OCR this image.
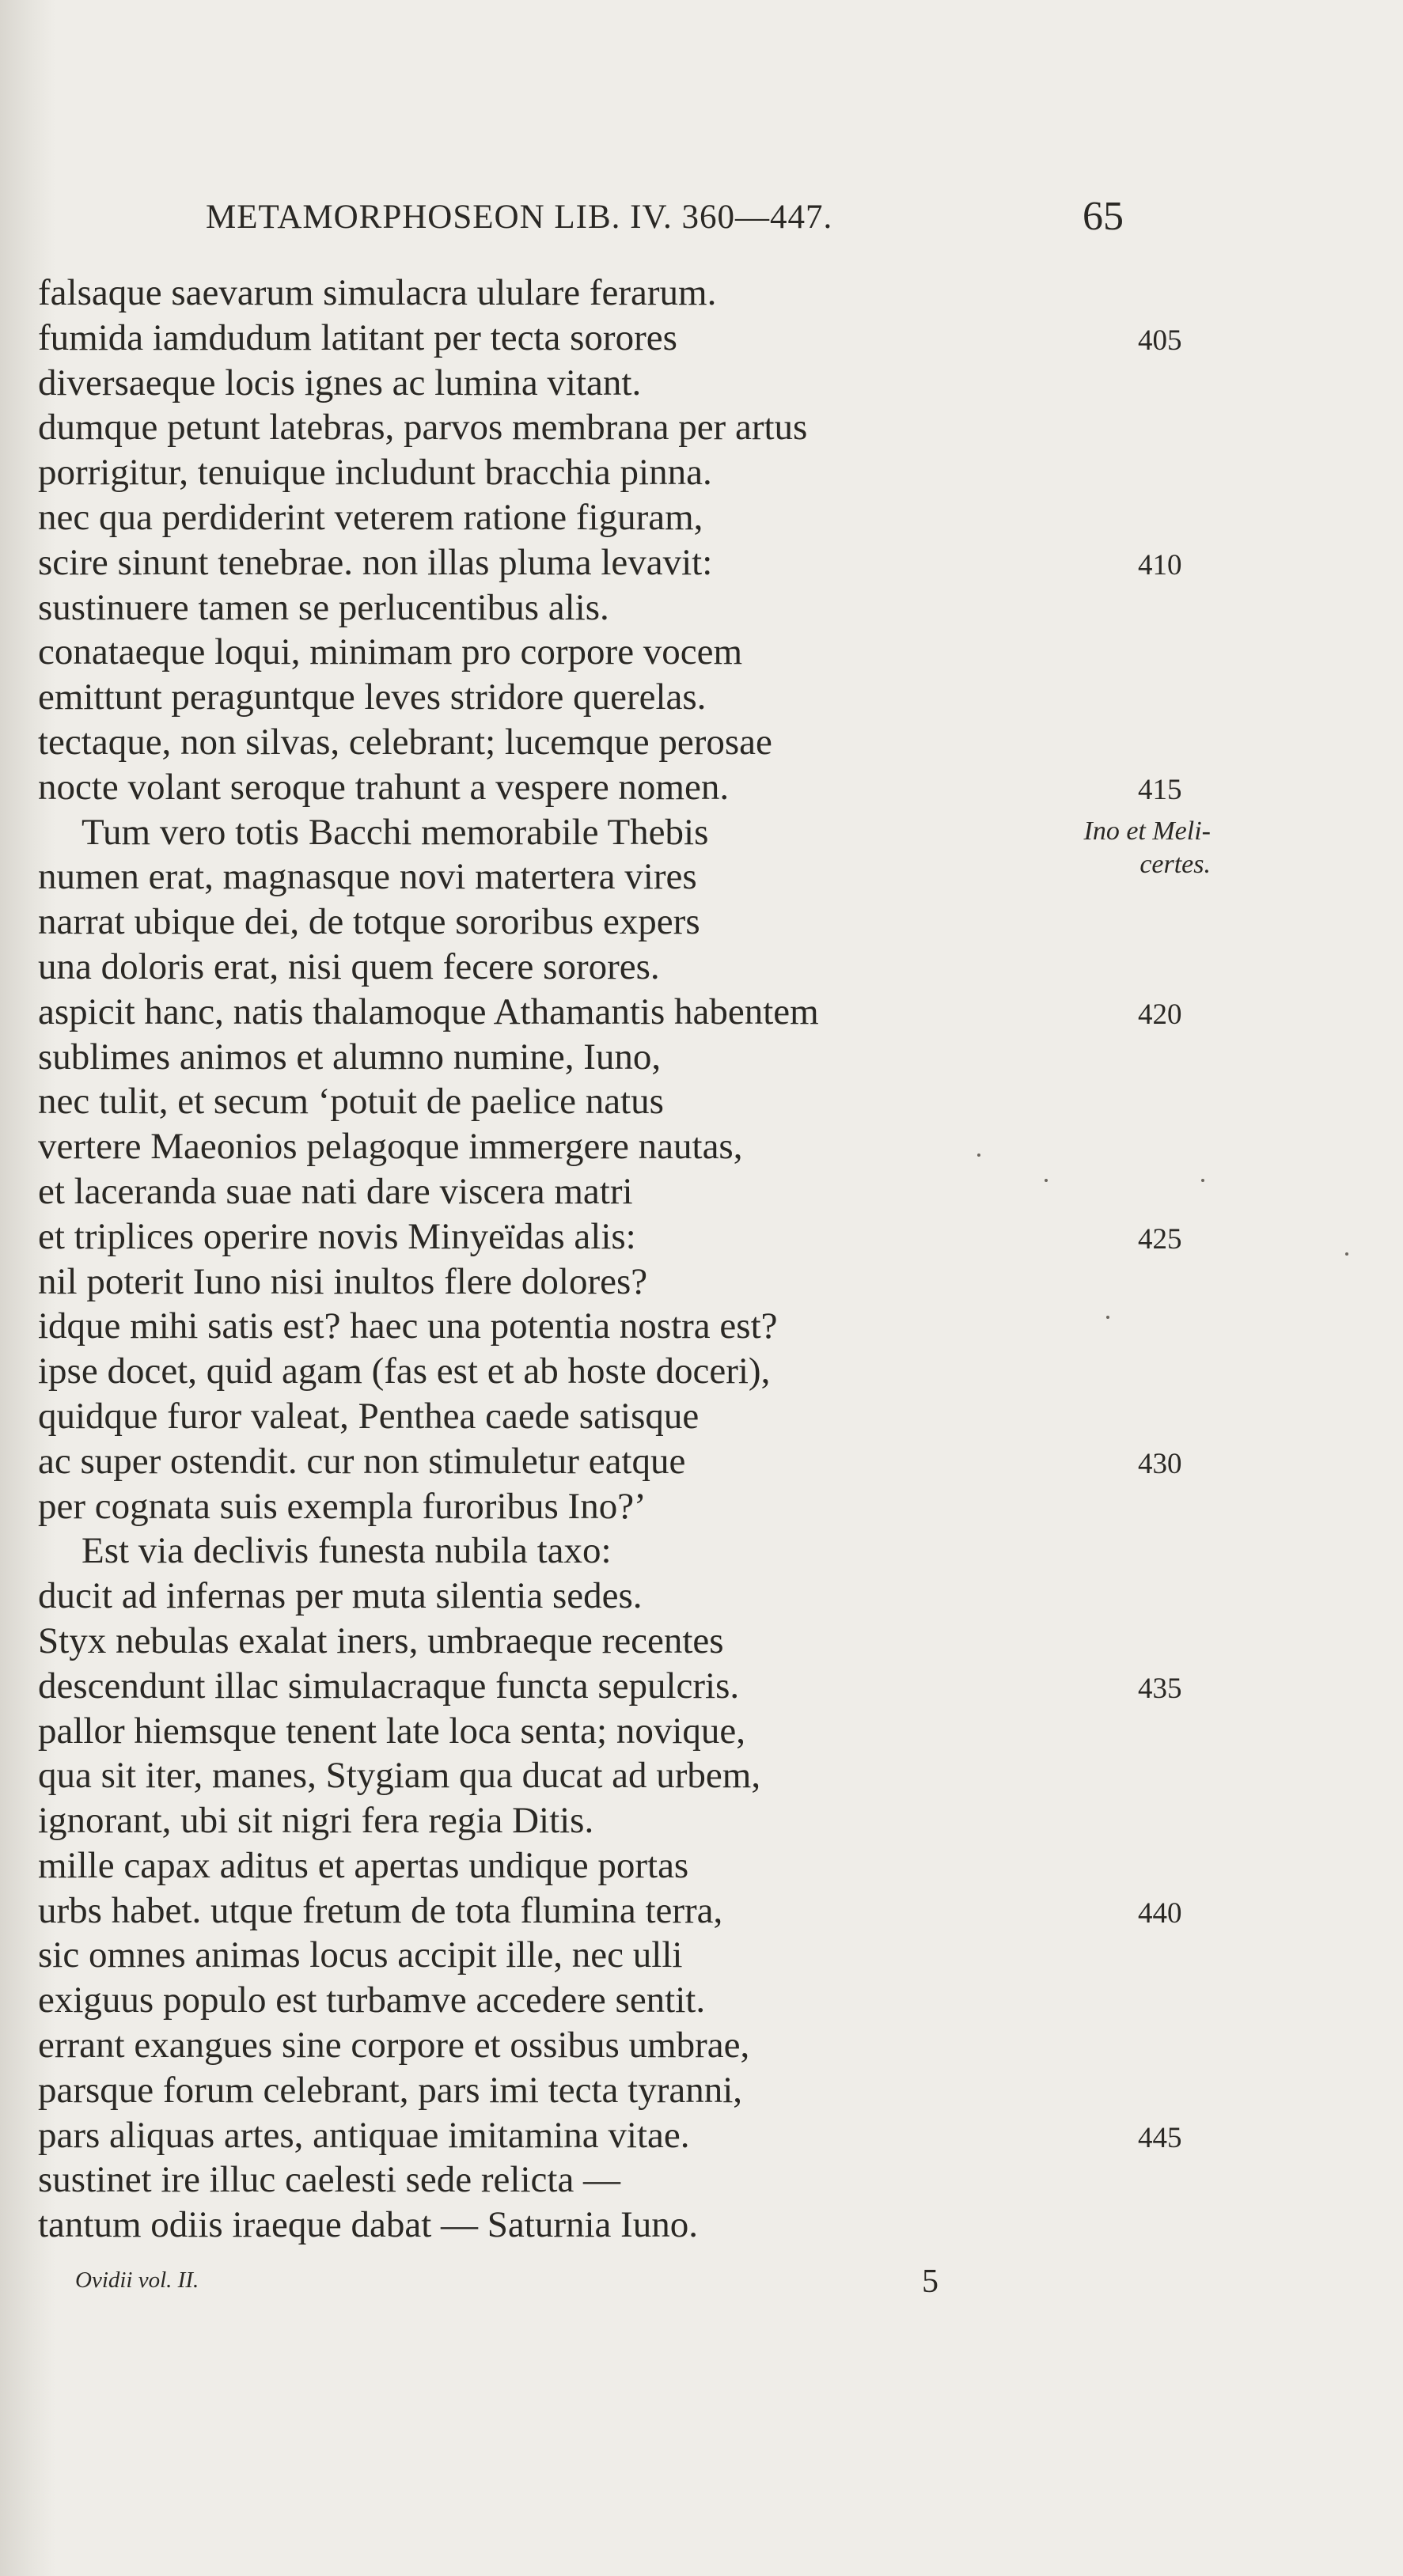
METAMORPHOSEON LIB. IV. 360—447.	65
falsaque saevarum simulacra ululare ferarum.
fumida iamdudum latitant per tecta sorores	405
diversaeque locis ignes ac lumina vitant.
dumque petunt latebras, parvos membrana per artus
porrigitur, tenuique includunt bracchia pinna.
nec qua perdiderint veterem ratione figuram,
scire sinunt tenebrae. non illas pluma levavit:	410
sustinuere tamen se perlucentibus alis.
conataeque loqui, minimam pro corpore vocem
emittunt peraguntque leves stridore querelas.
tectaque, non silvas, celebrant; lucemque perosae
nocte volant seroque trahunt a vespere nomen.	415
Tum vero totis Bacchi memorabile Thebis
numen erat, magnasque novi matertera vires
narrat ubique dei, de totque sororibus expers
una doloris erat, nisi quem fecere sorores.
aspicit hanc, natis thalamoque Athamantis habentem	420
sublimes animos et alumno numine, Iuno,
nec tulit, et secum ‘potuit de paelice natus
vertere Maeonios pelagoque immergere nautas,
et laceranda suae nati dare viscera matri
et triplices operire novis Minyeïdas alis:	425
nil poterit Iuno nisi inultos flere dolores?
idque mihi satis est? haec una potentia nostra est?
ipse docet, quid agam (fas est et ab hoste doceri),
quidque furor valeat, Penthea caede satisque
ac super ostendit. cur non stimuletur eatque	430
per cognata suis exempla furoribus Ino?’
Est via declivis funesta nubila taxo:
ducit ad infernas per muta silentia sedes.
Styx nebulas exalat iners, umbraeque recentes
descendunt illac simulacraque functa sepulcris.	435
pallor hiemsque tenent late loca senta; novique,
qua sit iter, manes, Stygiam qua ducat ad urbem,
ignorant, ubi sit nigri fera regia Ditis.
mille capax aditus et apertas undique portas
urbs habet. utque fretum de tota flumina terra,	440
sic omnes animas locus accipit ille, nec ulli
exiguus populo est turbamve accedere sentit.
errant exangues sine corpore et ossibus umbrae,
parsque forum celebrant, pars imi tecta tyranni,
pars aliquas artes, antiquae imitamina vitae.	445
sustinet ire illuc caelesti sede relicta —
tantum odiis iraeque dabat — Saturnia Iuno.
Ino et Meli-
certes.
Ovidii vol. II.	5
